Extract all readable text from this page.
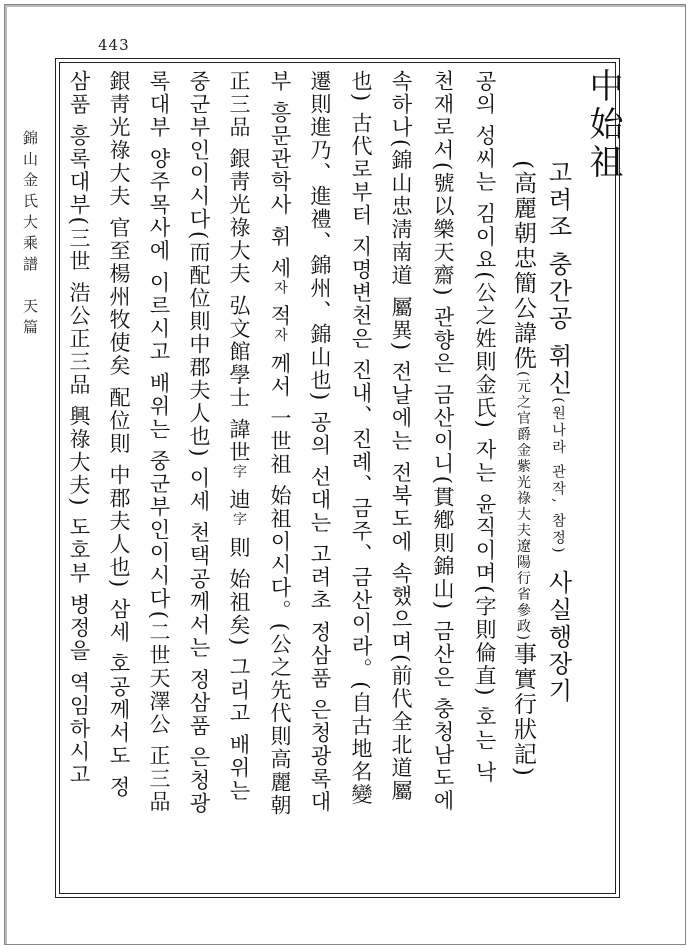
443
錦山金氏大乘譜　天篇
中始祖
고려조 충간공 휘신(원나라 관작, 참정)사실행장기
(高麗朝忠簡公諱侁(元之官爵金紫光祿大夫遼陽行省參政)事實行狀記)
공의 성씨는 김이요(公之姓則金氏) 자는 윤직이며(字則倫直) 호는 낙
천재로서(號以樂天齋) 관향은 금산이니(貫鄕則錦山) 금산은 충청남도에
속하나(錦山忠淸南道 屬異) 전날에는 전북도에 속했으며(前代全北道屬
也) 古代로부터 지명변천은 진내、진례、금주、금산이라。(自古地名變
遷則進乃、進禮、錦州、錦山也) 공의 선대는 고려초 정삼품 은청광록대
부 흥문관학사 휘 세자 적자 께서 一世祖 始祖이시다。(公之先代則高麗朝
正三品 銀靑光祿大夫 弘文館學士 諱世字 迪字 則 始祖矣) 그리고 배위는
중군부인이시다(而配位則中郡夫人也) 이세 천택공께서는 정삼품 은청광
록대부 양주목사에 이르시고 배위는 중군부인이시다(二世天澤公 正三品
銀靑光祿大夫 官至楊州牧使矣 配位則 中郡夫人也) 삼세 호공께서도 정
삼품 흥록대부(三世 浩公正三品 興祿大夫) 도호부 병정을 역임하시고
